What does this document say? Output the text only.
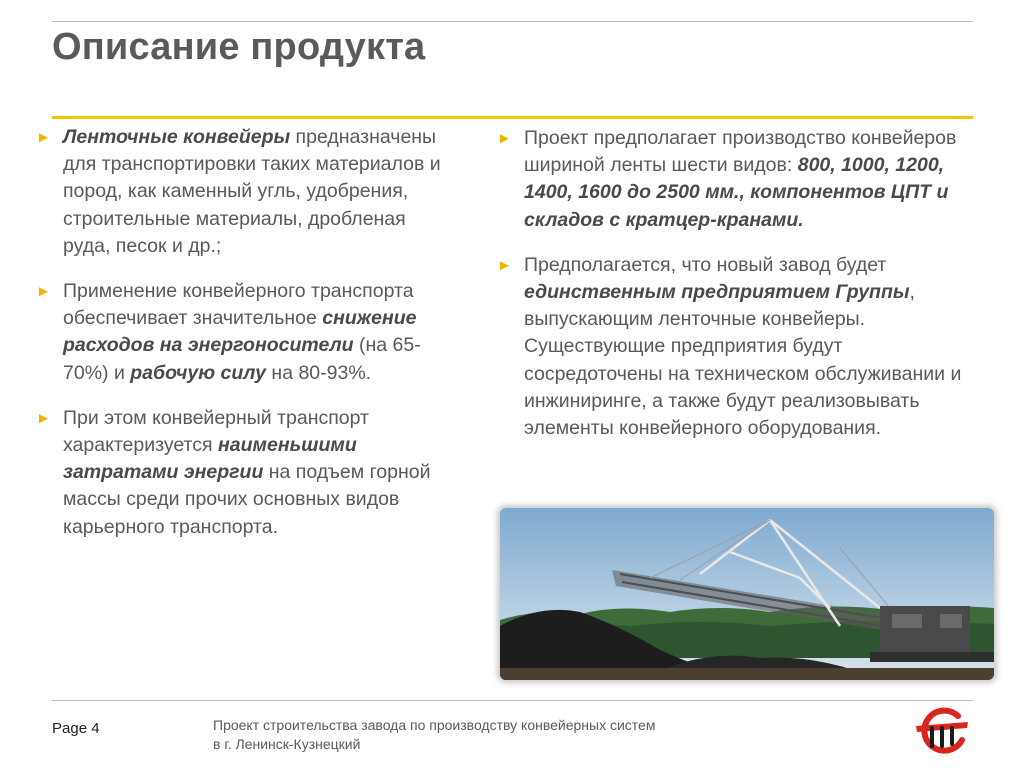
Описание продукта
► Ленточные конвейеры предназначены для транспортировки таких материалов и пород, как каменный угль, удобрения, строительные материалы, дробленая руда, песок и др.;
► Применение конвейерного транспорта обеспечивает значительное снижение расходов на энергоносители (на 65-70%) и рабочую силу на 80-93%.
► При этом конвейерный транспорт характеризуется наименьшими затратами энергии на подъем горной массы среди прочих основных видов карьерного транспорта.
► Проект предполагает производство конвейеров шириной ленты шести видов: 800, 1000, 1200, 1400, 1600 до 2500 мм., компонентов ЦПТ и складов с кратцер-кранами.
► Предполагается, что новый завод будет единственным предприятием Группы, выпускающим ленточные конвейеры. Существующие предприятия будут сосредоточены на техническом обслуживании и инжиниринге, а также будут реализовывать элементы конвейерного оборудования.
Page 4	Проект строительства завода по производству конвейерных систем
в г. Ленинск-Кузнецкий
